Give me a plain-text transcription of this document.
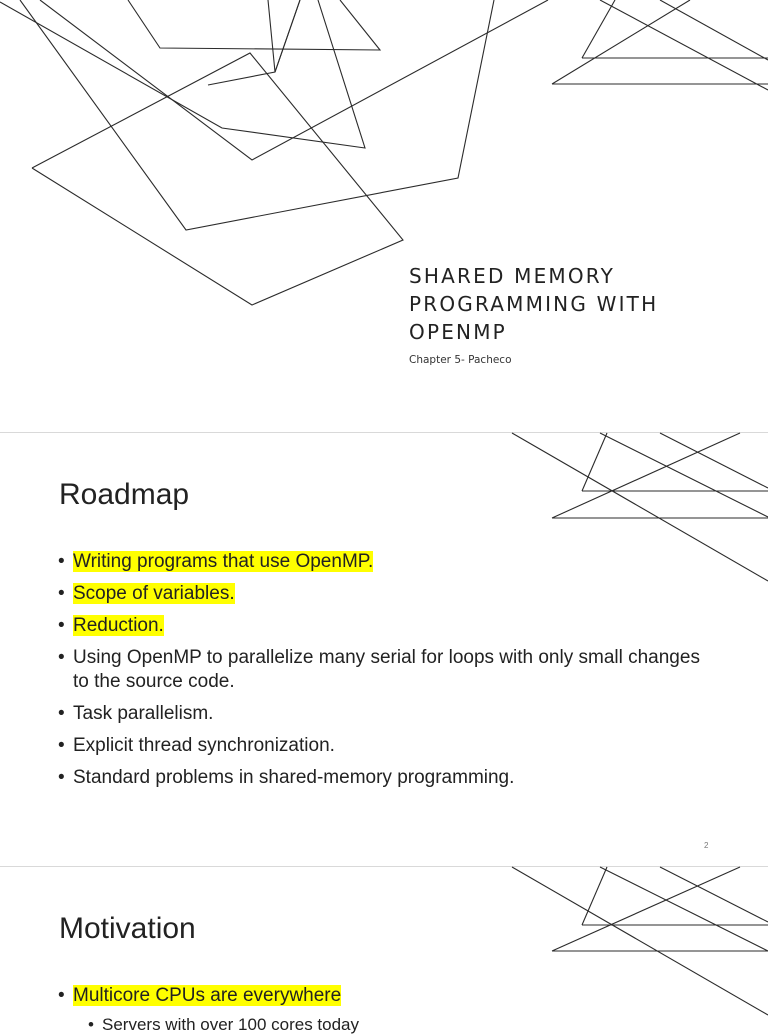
SHARED MEMORY PROGRAMMING WITH OPENMP
Chapter 5- Pacheco
Roadmap
• Writing programs that use OpenMP.
• Scope of variables.
• Reduction.
• Using OpenMP to parallelize many serial for loops with only small changes to the source code.
• Task parallelism.
• Explicit thread synchronization.
• Standard problems in shared-memory programming.
2
Motivation
• Multicore CPUs are everywhere
• Servers with over 100 cores today
